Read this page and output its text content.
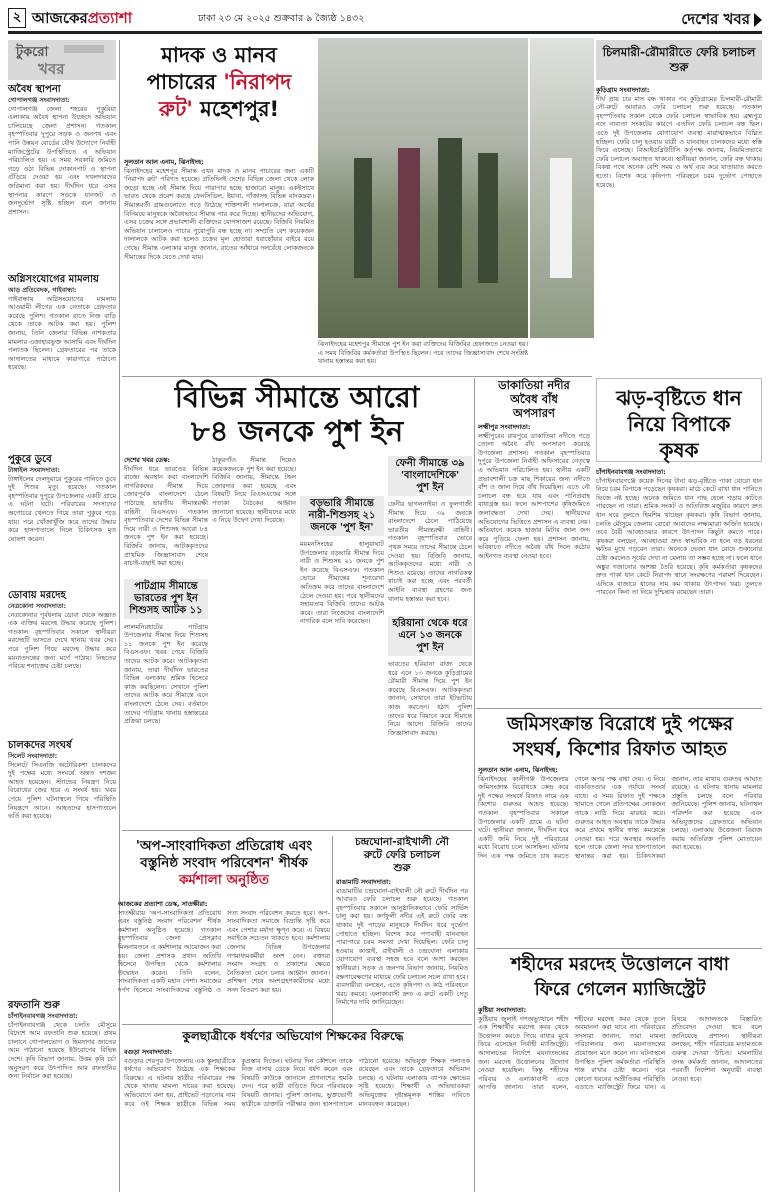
২ আজকেরপ্রত্যাশা	ঢাকা ২৩ মে ২০২৫ শুক্রবার ৯ জ্যৈষ্ঠ ১৪৩২	দেশের খবর
টুকরো
খবর
অবৈধ স্থাপনা
গোপালগঞ্জ সংবাদদাতা:
গোপালগঞ্জ জেলা শহরের পুকুরিয়া এলাকায় অবৈধ স্থাপনা উচ্ছেদে অভিযান চালিয়েছে জেলা প্রশাসন। গতকাল বৃহস্পতিবার দুপুরে সড়ক ও জনপথ এবং পানি উন্নয়ন বোর্ডের যৌথ উদ্যোগে নির্বাহী ম্যাজিস্ট্রেটের উপস্থিতিতে এ অভিযান পরিচালিত হয়। এ সময় সরকারি জমিতে গড়ে ওঠা বিভিন্ন দোকানপাট ও স্থাপনা গুঁড়িয়ে দেওয়া হয় এবং দখলদারদের জরিমানা করা হয়। দীর্ঘদিন ধরে এসব স্থাপনার কারণে সড়কে যানজট ও জনদুর্ভোগ সৃষ্টি হচ্ছিল বলে জানায় প্রশাসন।
অগ্নিসংযোগের মামলায়
আড় প্রতিবেদক, গাইবান্ধা:
গাইবান্ধায় অগ্নিসংযোগের মামলায় আওয়ামী লীগের এক নেতাকে গ্রেফতার করেছে পুলিশ। গতকাল রাতে নিজ বাড়ি থেকে তাকে আটক করা হয়। পুলিশ জানায়, তিনি জেলার বিভিন্ন নাশকতার মামলার এজাহারভুক্ত আসামি এবং দীর্ঘদিন পলাতক ছিলেন। গ্রেফতারের পর তাকে আদালতের মাধ্যমে কারাগারে পাঠানো হয়েছে।
পুকুরে ডুবে
টাঙ্গাইল সংবাদদাতা:
টাঙ্গাইলের দেলদুয়ারে পুকুরের পানিতে ডুবে দুই শিশুর মৃত্যু হয়েছে। গতকাল বৃহস্পতিবার দুপুরে উপজেলার একটি গ্রামে এ ঘটনা ঘটে। পরিবারের সদস্যদের অগোচরে খেলতে গিয়ে তারা পুকুরে পড়ে যায়। পরে খোঁজাখুঁজি করে তাদের উদ্ধার করে হাসপাতালে নিলে চিকিৎসক মৃত ঘোষণা করেন।
ডোবায় মরদেহ
নেত্রকোনা সংবাদদাতা:
নেত্রকোনার পূর্বধলায় ডোবা থেকে অজ্ঞাত এক ব্যক্তির মরদেহ উদ্ধার করেছে পুলিশ। গতকাল বৃহস্পতিবার সকালে স্থানীয়রা মরদেহটি ভাসতে দেখে থানায় খবর দেয়। পরে পুলিশ গিয়ে মরদেহ উদ্ধার করে ময়নাতদন্তের জন্য মর্গে পাঠায়। নিহতের পরিচয় শনাক্তের চেষ্টা চলছে।
চালকদের সংঘর্ষ
সিলেট সংবাদদাতা:
সিলেটে সিএনজি অটোরিকশা চালকদের দুই পক্ষের মধ্যে সংঘর্ষে অন্তত দশজন আহত হয়েছেন। স্ট্যান্ডের নিয়ন্ত্রণ নিয়ে বিরোধের জের ধরে এ সংঘর্ষ হয়। খবর পেয়ে পুলিশ ঘটনাস্থলে গিয়ে পরিস্থিতি নিয়ন্ত্রণে আনে। আহতদের হাসপাতালে ভর্তি করা হয়েছে।
রফতানি শুরু
চাঁপাইনবাবগঞ্জ সংবাদদাতা:
চাঁপাইনবাবগঞ্জ থেকে চলতি মৌসুমে বিদেশে আম রফতানি শুরু হয়েছে। প্রথম চালানে গোপালভোগ ও হিমসাগর জাতের আম পাঠানো হয়েছে ইউরোপের বিভিন্ন দেশে। কৃষি বিভাগ জানায়, উত্তম কৃষি চর্চা অনুসরণ করে উৎপাদিত আম রফতানির জন্য নির্বাচন করা হয়েছে।
মাদক ও মানব
পাচারের 'নিরাপদ
রুট' মহেশপুর!
সুলতান আল এনাম, ঝিনাইদহ:
ঝিনাইদহের মহেশপুর সীমান্ত এখন মাদক ও মানব পাচারের জন্য একটি 'নিরাপদ রুট' পরিণত হয়েছে। প্রতিদিনই দেশের বিভিন্ন জেলা থেকে লোক জড়ো হচ্ছে এই সীমান্ত দিয়ে পারাপার হচ্ছে হাজারো মানুষ। একইসাথে ভারত থেকে প্রবেশ করছে ফেনসিডিল, ইয়াবা, গাঁজাসহ বিভিন্ন মাদকদ্রব্য। সীমান্তবর্তী গ্রামগুলোতে গড়ে উঠেছে শক্তিশালী দালালচক্র, যারা অর্থের বিনিময়ে মানুষকে অবৈধভাবে সীমান্ত পার করে দিচ্ছে। স্থানীয়দের অভিযোগ, এসব চক্রের সঙ্গে প্রভাবশালী ব্যক্তিদের যোগসাজশ রয়েছে। বিজিবি নিয়মিত অভিযান চালালেও পাচার পুরোপুরি বন্ধ হচ্ছে না। সম্প্রতি বেশ কয়েকজন দালালকে আটক করা হলেও চক্রের মূল হোতারা ধরাছোঁয়ার বাইরে রয়ে গেছে। সীমান্ত এলাকার মানুষ জানান, রাতের আঁধারে দলবেঁধে লোকজনকে সীমান্তের দিকে যেতে দেখা যায়।
ঝিনাইদহের মহেশপুর সীমান্তে পুশ ইন করা ব্যক্তিদের বিজিবির হেফাজতে নেওয়া হয়। এ সময় বিজিবির কর্মকর্তারা উপস্থিত ছিলেন। পরে তাদের জিজ্ঞাসাবাদ শেষে সংশ্লিষ্ট থানায় হস্তান্তর করা হয়।
চিলমারী-রৌমারীতে ফেরি চলাচল শুরু
কুড়িগ্রাম সংবাদদাতা:
দীর্ঘ প্রায় চার মাস বন্ধ থাকার পর কুড়িগ্রামের চিলমারী-রৌমারী নৌ-রুটে আবারও ফেরি চলাচল শুরু হয়েছে। গতকাল বৃহস্পতিবার সকাল থেকে ফেরি চলাচল স্বাভাবিক হয়। ব্রহ্মপুত্র নদে নাব্যতা সংকটের কারণে এতদিন ফেরি চলাচল বন্ধ ছিল। এতে দুই উপজেলার যোগাযোগ ব্যবস্থা মারাত্মকভাবে বিঘ্নিত হচ্ছিল। ফেরি চালু হওয়ায় যাত্রী ও যানবাহন চালকদের মধ্যে স্বস্তি ফিরে এসেছে। বিআইডব্লিউটিসি কর্তৃপক্ষ জানায়, নিয়মিতভাবে ফেরি চলাচল অব্যাহত থাকবে। স্থানীয়রা জানান, ফেরি বন্ধ থাকায় বিকল্প পথে অনেক বেশি সময় ও অর্থ ব্যয় করে যাতায়াত করতে হতো। বিশেষ করে কৃষিপণ্য পরিবহনে চরম দুর্ভোগ পোহাতে হয়েছে।
বিভিন্ন সীমান্তে আরো
৮৪ জনকে পুশ ইন
দেশের খবর ডেস্ক:
দীর্ঘদিন ধরে ভারতের বিভিন্ন রাজ্যে অবস্থান করা বাংলাদেশি নাগরিকদের সীমান্ত দিয়ে জোরপূর্বক বাংলাদেশে ঠেলে পাঠাচ্ছে ভারতীয় সীমান্তরক্ষী বাহিনী বিএসএফ। গতকাল বৃহস্পতিবার দেশের বিভিন্ন সীমান্ত দিয়ে নারী ও শিশুসহ আরো ৮৪ জনকে পুশ ইন করা হয়েছে। বিজিবি জানায়, আটককৃতদের প্রাথমিক জিজ্ঞাসাবাদ শেষে যাচাই-বাছাই করা হচ্ছে।
পাটগ্রাম সীমান্তে
ভারতের পুশ ইন
শিশুসহ আটক ১১
লালমনিরহাটের পাটগ্রাম উপজেলার সীমান্ত দিয়ে শিশুসহ ১১ জনকে পুশ ইন করেছে বিএসএফ। খবর পেয়ে বিজিবি তাদের আটক করে। আটককৃতরা জানায়, তারা দীর্ঘদিন ভারতের বিভিন্ন এলাকায় শ্রমিক হিসেবে কাজ করছিলেন। সেখানে পুলিশ তাদের আটক করে সীমান্তে এনে বাংলাদেশে ঠেলে দেয়। বর্তমানে তাদের পাটগ্রাম থানায় হস্তান্তরের প্রক্রিয়া চলছে।
ঠাকুরগাঁও সীমান্ত দিয়েও কয়েকজনকে পুশ ইন করা হয়েছে। বিজিবি জানায়, সীমান্তে টহল জোরদার করা হয়েছে এবং বিষয়টি নিয়ে বিএসএফের সঙ্গে পতাকা বৈঠকের আহ্বান জানানো হয়েছে। স্থানীয়দের মধ্যে এ নিয়ে উদ্বেগ দেখা দিয়েছে।
বড়ভারি সীমান্তে
নারী-শিশুসহ ২১
জনকে 'পুশ ইন'
ময়মনসিংহের হালুয়াঘাট উপজেলার বড়ভারি সীমান্ত দিয়ে নারী ও শিশুসহ ২১ জনকে পুশ ইন করেছে বিএসএফ। গতকাল ভোরে সীমান্তের শূন্যরেখা অতিক্রম করে তাদের বাংলাদেশে ঠেলে দেওয়া হয়। পরে স্থানীয়দের সহায়তায় বিজিবি তাদের আটক করে। তারা নিজেদের বাংলাদেশি নাগরিক বলে দাবি করেছেন।
ফেনী সীমান্তে ৩৯
'বাংলাদেশিকে'
পুশ ইন
ফেনীর ছাগলনাইয়া ও ফুলগাজী সীমান্ত দিয়ে ৩৯ জনকে বাংলাদেশে ঠেলে পাঠিয়েছে ভারতীয় সীমান্তরক্ষী বাহিনী। গতকাল বৃহস্পতিবার ভোরে পৃথক সময়ে তাদের সীমান্তে ঠেলে দেওয়া হয়। বিজিবি জানায়, আটককৃতদের মধ্যে নারী ও শিশুও রয়েছে। তাদের নাগরিকত্ব যাচাই করা হচ্ছে এবং পরবর্তী আইনি ব্যবস্থা গ্রহণের জন্য থানায় হস্তান্তর করা হবে।
হরিয়ানা থেকে ধরে
এনে ১৩ জনকে
পুশ ইন
ভারতের হরিয়ানা রাজ্য থেকে ধরে এনে ১৩ জনকে কুড়িগ্রামের রৌমারী সীমান্ত দিয়ে পুশ ইন করেছে বিএসএফ। আটককৃতরা জানান, সেখানে তারা ইটভাটায় কাজ করতেন। হঠাৎ পুলিশ তাদের ধরে বিমানে করে সীমান্তে নিয়ে আসে। বিজিবি তাদের জিজ্ঞাসাবাদ করছে।
ডাকাতিয়া নদীর
অবৈধ বাঁধ
অপসারণ
লক্ষ্মীপুর সংবাদদাতা:
লক্ষ্মীপুরের রায়পুরে ডাকাতিয়া নদীতে গড়ে তোলা অবৈধ বাঁধ অপসারণ করেছে উপজেলা প্রশাসন। গতকাল বৃহস্পতিবার দুপুরে উপজেলা নির্বাহী অফিসারের নেতৃত্বে এ অভিযান পরিচালিত হয়। স্থানীয় একটি প্রভাবশালী চক্র মাছ শিকারের জন্য নদীতে বাঁশ ও জাল দিয়ে বাঁধ দিয়েছিল। এতে নৌ চলাচল বন্ধ হয়ে যায় এবং পানিপ্রবাহ বাধাগ্রস্ত হয়। ফলে আশপাশের কৃষিজমিতে জলাবদ্ধতা দেখা দেয়। স্থানীয়দের অভিযোগের ভিত্তিতে প্রশাসন এ ব্যবস্থা নেয়। অভিযানে কয়েক হাজার মিটার জাল জব্দ করে পুড়িয়ে ফেলা হয়। প্রশাসন জানায়, ভবিষ্যতে নদীতে অবৈধ বাঁধ দিলে কঠোর আইনগত ব্যবস্থা নেওয়া হবে।
ঝড়-বৃষ্টিতে ধান
নিয়ে বিপাকে
কৃষক
চাঁপাইনবাবগঞ্জ সংবাদদাতা:
চাঁপাইনবাবগঞ্জে কয়েক দিনের টানা ঝড়-বৃষ্টিতে পাকা বোরো ধান নিয়ে চরম বিপাকে পড়েছেন কৃষকরা। মাঠে কেটে রাখা ধান পানিতে ভিজে নষ্ট হচ্ছে। অনেক জমিতে ধান গাছ হেলে পড়ায় কাটতে পারছেন না তারা। শ্রমিক সংকট ও অতিরিক্ত মজুরির কারণে দ্রুত ধান ঘরে তুলতে হিমশিম খাচ্ছেন কৃষকরা। কৃষি বিভাগ জানায়, চলতি মৌসুমে জেলায় বোরো আবাদের লক্ষ্যমাত্রা অর্জিত হয়েছে। তবে বৈরী আবহাওয়ার কারণে উৎপাদন কিছুটা কমতে পারে। কৃষকরা বলছেন, আবহাওয়া দ্রুত স্বাভাবিক না হলে বড় ধরনের ক্ষতির মুখে পড়বেন তারা। অনেকে ভেজা ধান রোদে শুকানোর চেষ্টা করলেও সূর্যের দেখা না মেলায় তা সম্ভব হচ্ছে না। ফলে ধানে অঙ্কুর গজানোর আশঙ্কা তৈরি হয়েছে। কৃষি কর্মকর্তারা কৃষকদের দ্রুত পাকা ধান কেটে নিরাপদ স্থানে সংরক্ষণের পরামর্শ দিয়েছেন। এদিকে বাজারে ধানের দাম কম থাকায় উৎপাদন খরচ তুলতে পারবেন কিনা তা নিয়ে দুশ্চিন্তায় রয়েছেন তারা।
জমিসংক্রান্ত বিরোধে দুই পক্ষের
সংঘর্ষ, কিশোর রিফাত আহত
সুলতান আল এনাম, ঝিনাইদহ:
ঝিনাইদহের কালীগঞ্জ উপজেলায় জমিসংক্রান্ত বিরোধকে কেন্দ্র করে দুই পক্ষের সংঘর্ষে রিফাত নামে এক কিশোর গুরুতর আহত হয়েছে। গতকাল বৃহস্পতিবার সকালে উপজেলার একটি গ্রামে এ ঘটনা ঘটে। স্থানীয়রা জানান, দীর্ঘদিন ধরে একটি জমি নিয়ে দুই পরিবারের মধ্যে বিরোধ চলে আসছিল। ঘটনার দিন এক পক্ষ জমিতে চাষ করতে গেলে অপর পক্ষ বাধা দেয়। এ নিয়ে বাকবিতণ্ডার এক পর্যায়ে সংঘর্ষ বাধে। এ সময় রিফাত দুই পক্ষকে থামাতে গেলে প্রতিপক্ষের লোকজন তাকে লাঠি দিয়ে মারধর করে। গুরুতর আহত অবস্থায় তাকে উদ্ধার করে প্রথমে স্থানীয় স্বাস্থ্য কমপ্লেক্সে নেওয়া হয়। পরে অবস্থার অবনতি হলে তাকে জেলা সদর হাসপাতালে স্থানান্তর করা হয়। চিকিৎসকরা জানান, তার মাথায় গুরুতর আঘাত রয়েছে। এ ঘটনায় থানায় মামলার প্রস্তুতি চলছে বলে পরিবার জানিয়েছে। পুলিশ জানায়, ঘটনাস্থল পরিদর্শন করা হয়েছে এবং অভিযুক্তদের গ্রেফতারে অভিযান চলছে। এলাকায় উত্তেজনা বিরাজ করায় অতিরিক্ত পুলিশ মোতায়েন করা হয়েছে।
শহীদের মরদেহ উত্তোলনে বাধা
ফিরে গেলেন ম্যাজিস্ট্রেট
কুষ্টিয়া সংবাদদাতা:
কুষ্টিয়ায় জুলাই গণঅভ্যুত্থানে শহীদ এক শিক্ষার্থীর মরদেহ কবর থেকে উত্তোলন করতে গিয়ে বাধার মুখে ফিরে এসেছেন নির্বাহী ম্যাজিস্ট্রেট। আদালতের নির্দেশে ময়নাতদন্তের জন্য মরদেহ উত্তোলনের উদ্যোগ নেওয়া হয়েছিল। কিন্তু শহীদের পরিবার ও এলাকাবাসী এতে আপত্তি জানান। তারা বলেন, শহীদের মরদেহ কবর থেকে তুলে অবমাননা করা যাবে না। পরিবারের সদস্যরা জানান, তারা মামলা পরিচালনার জন্য ময়নাতদন্তের প্রয়োজন মনে করেন না। ঘটনাস্থলে উপস্থিত পুলিশ কর্মকর্তারা পরিস্থিতি শান্ত রাখার চেষ্টা করেন। পরে কোনো ধরনের অপ্রীতিকর পরিস্থিতি এড়াতে ম্যাজিস্ট্রেট ফিরে যান। এ বিষয়ে আদালতকে বিস্তারিত প্রতিবেদন দেওয়া হবে বলে জানিয়েছে প্রশাসন। স্থানীয়রা বলছেন, শহীদ পরিবারের মতামতকে গুরুত্ব দেওয়া উচিত। মামলাটির তদন্ত কর্মকর্তা জানান, আদালতের পরবর্তী নির্দেশনা অনুযায়ী ব্যবস্থা নেওয়া হবে।
'অপ-সাংবাদিকতা প্রতিরোধ এবং
বস্তুনিষ্ঠ সংবাদ পরিবেশন' শীর্ষক
কর্মশালা অনুষ্ঠিত
আজকের প্রত্যাশা ডেস্ক, সাতক্ষীরা:
সাতক্ষীরায় 'অপ-সাংবাদিকতা প্রতিরোধ এবং বস্তুনিষ্ঠ সংবাদ পরিবেশন' শীর্ষক কর্মশালা অনুষ্ঠিত হয়েছে। গতকাল বৃহস্পতিবার জেলা প্রেসক্লাব মিলনায়তনে এ কর্মশালার আয়োজন করা হয়। জেলা প্রশাসক প্রধান অতিথি হিসেবে উপস্থিত থেকে কর্মশালার উদ্বোধন করেন। তিনি বলেন, সাংবাদিকতা একটি মহান পেশা। সমাজের দর্পণ হিসেবে সাংবাদিকদের বস্তুনিষ্ঠ ও সত্য সংবাদ পরিবেশন করতে হবে। অপ-সাংবাদিকতা সমাজে বিভ্রান্তি সৃষ্টি করে এবং পেশার মর্যাদা ক্ষুণ্ন করে। এ বিষয়ে সবাইকে সচেতন থাকতে হবে। কর্মশালায় জেলার বিভিন্ন উপজেলার গণমাধ্যমকর্মীরা অংশ নেন। বক্তারা সংবাদ সংগ্রহ ও প্রকাশের ক্ষেত্রে নৈতিকতা মেনে চলার আহ্বান জানান। প্রশিক্ষণ শেষে অংশগ্রহণকারীদের মধ্যে সনদ বিতরণ করা হয়।
চন্দ্রঘোনা-রাইখালী নৌ
রুটে ফেরি চলাচল
শুরু
রাঙামাটি সংবাদদাতা:
রাঙামাটির চন্দ্রঘোনা-রাইখালী নৌ রুটে দীর্ঘদিন পর আবারও ফেরি চলাচল শুরু হয়েছে। গতকাল বৃহস্পতিবার সকালে আনুষ্ঠানিকভাবে ফেরি সার্ভিস চালু করা হয়। কর্ণফুলী নদীর এই রুটে ফেরি বন্ধ থাকায় দুই পাড়ের মানুষকে দীর্ঘদিন ধরে দুর্ভোগ পোহাতে হচ্ছিল। বিশেষ করে পণ্যবাহী যানবাহন পারাপারে চরম সমস্যা দেখা দিয়েছিল। ফেরি চালু হওয়ায় কাপ্তাই, রাইখালী ও চন্দ্রঘোনা এলাকার যোগাযোগ ব্যবস্থা সহজ হবে বলে আশা করছেন স্থানীয়রা। সড়ক ও জনপথ বিভাগ জানায়, নিয়মিত রক্ষণাবেক্ষণের মাধ্যমে ফেরি চলাচল সচল রাখা হবে। ব্যবসায়ীরা বলছেন, এতে কৃষিপণ্য ও কাঠ পরিবহনে খরচ কমবে। এলাকাবাসী দ্রুত এ রুটে একটি সেতু নির্মাণের দাবি জানিয়েছেন।
কুলছাত্রীকে ধর্ষণের অভিযোগ শিক্ষকের বিরুদ্ধে
বগুড়া সংবাদদাতা:
বগুড়ার শেরপুর উপজেলায় এক স্কুলছাত্রীকে ধর্ষণের অভিযোগ উঠেছে এক শিক্ষকের বিরুদ্ধে। এ ঘটনায় ছাত্রীর পরিবারের পক্ষ থেকে থানায় মামলা দায়ের করা হয়েছে। অভিযোগে বলা হয়, প্রাইভেট পড়ানোর নাম করে ওই শিক্ষক ছাত্রীকে বিভিন্ন সময় কুপ্রস্তাব দিতেন। ঘটনার দিন কৌশলে তাকে নিজ বাসায় ডেকে নিয়ে ধর্ষণ করেন এবং বিষয়টি কাউকে জানালে প্রাণনাশের হুমকি দেন। পরে ছাত্রী বাড়িতে ফিরে পরিবারকে বিষয়টি জানায়। পুলিশ জানায়, ভুক্তভোগী ছাত্রীকে ডাক্তারি পরীক্ষার জন্য হাসপাতালে পাঠানো হয়েছে। অভিযুক্ত শিক্ষক পলাতক রয়েছেন এবং তাকে গ্রেফতারে অভিযান চলছে। এ ঘটনায় এলাকায় ব্যাপক ক্ষোভের সৃষ্টি হয়েছে। শিক্ষার্থী ও অভিভাবকরা অভিযুক্তের দৃষ্টান্তমূলক শাস্তির দাবিতে মানববন্ধন করেছেন।
